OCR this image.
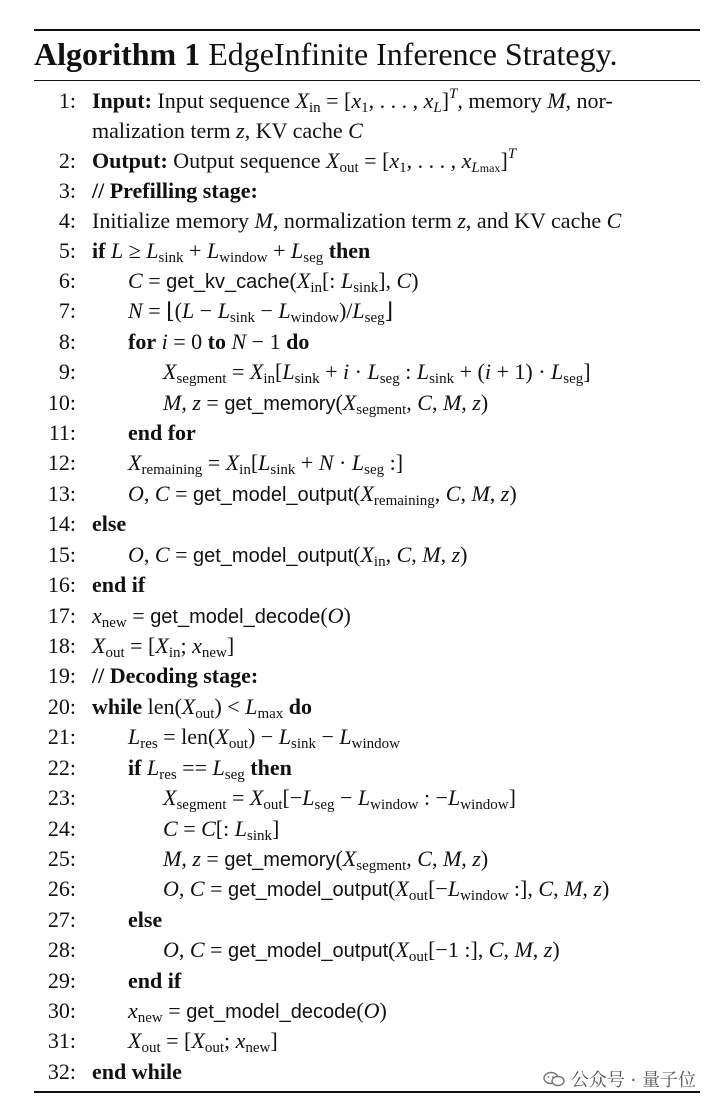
Algorithm 1 EdgeInfinite Inference Strategy.
1: Input: Input sequence $X_{in} = [x_1$, . . . , $x_L]^T$, memory M, nor-
malization term z, KV cache C
2: Output: Output sequence $X_{out} = [x_1$, . . . , $x_{Lmax}]^T$
3: // Prefilling stage:
4: Initialize memory M, normalization term z, and KV cache C
5: if $L \ge L_{sink} + L_{window} + L_{seg}$ then
6: $C = get\_kv\_cache(X_{in}$[: $L_{sink}$], C)
7: N = ⌊(L − $L_{sink}$ − $L_{window})/L_{seg}⌋$
8: for i = 0 to N − 1 do
9:	$X_{segment} = X_{in}[L_{sink} + i \cdot L_{seg}$ : $L_{sink} + (i + 1) \cdot L_{seg}$]
10:	M, $z = get\_memory(X_{segment}$, C, M, z)
11: end for
12: $X_{remaining} = X_{in}[L_{sink} + N \cdot L_{seg}$ :]
13: O, $C = get\_model\_output(X_{remaining}$, C, M, z)
14: else
15: O, $C = get\_model\_output(X_{in}$, C, M, z)
16: end if
17: $x_{new}$ = get_model_decode(O)
18: $X_{out} = [X_{in}$; $x_{new}$]
19: // Decoding stage:
20: while $len(X_{out}) < L_{max}$ do
21: $L_{res} = len(X_{out}) - L_{sink} - L_{window}$
22: if $L_{res} == L_{seg}$ then
23:	$X_{segment} = X_{out}[-L_{seg} - L_{window}$ : $-L_{window}$]
24:	C = C[: $L_{sink}$]
25:	M, $z = get\_memory(X_{segment}$, C, M, z)
26:	O, $C = get\_model\_output(X_{out}[-L_{window}$ :], C, M, z)
27: else
28:	O, $C = get\_model\_output(X_{out}[-1$ :], C, M, z)
29: end if
30: $x_{new}$ = get_model_decode(O)
31: $X_{out} = [X_{out}$; $x_{new}$]
32: end while	公众号 · 量子位
